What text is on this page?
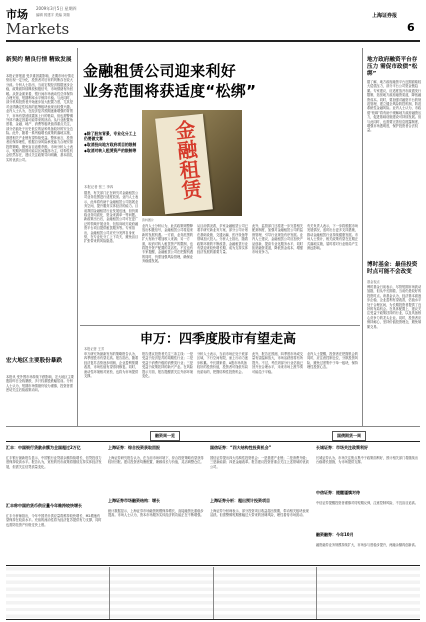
市场
Markets
2009年3月5日 星期四
编辑 郭建宇 美编 刘瑞	上海证券报
6
新契约 精良行情 精致发展
本报记者报道 受多重因素影响，近期市场行情走势出现一定分化，投资者对后市的判断存在较大分歧。分析人士指出，当前宏观经济数据逐步企稳，政策面持续释放积极信号，市场情绪有所回暖。从资金面来看，银行间市场流动性总体保持合理充裕，短期利率水平保持平稳。与此同时，部分机构投资者开始逐步加大配置力度，尤其是对业绩确定性较高的蓝筹板块表现出较强兴趣。业内人士认为，在经济复苏预期逐渐增强的背景下，市场有望延续震荡上行的格局，但也需警惕外部不确定因素可能带来的扰动。从行业配置角度看，金融、地产、消费等板块值得重点关注，部分估值处于历史低位的品种具备较好的安全边际。此外，随着一系列稳增长政策的落地实施，基建相关产业链有望持续受益。整体而言，投资者应保持理性，根据自身风险承受能力合理安排投资策略，避免盲目追涨杀跌。市场分析人士表示，短期内指数可能以区间震荡为主，结构性机会依然存在，建议关注政策导向明确、基本面扎实的优质公司。
宏大地区主要股份暴跌
本报讯 受外围市场持续下跌影响，宏大地区主要股指昨日全线暴跌，多只权重股跌幅居前。分析人士认为，短期市场情绪仍较为谨慎，投资者需密切关注后续政策动向。
金融租赁公司迎来利好
业务范围将获适度“松绑”
◆除了股东背景，专业化分工上仍要做文章
◆取消投向地方政府项目的限制
◆取消对转入租赁资产的限制等
本报记者 张三 李四
据悉，有关部门正在研究对金融租赁公司业务范围进行适度放宽。业内人士表示，此举将有助于金融租赁公司拓展业务空间，提升服务实体经济的能力。目前我国金融租赁行业发展迅速，但仍面临业务同质化、资金来源单一等问题。新政策出台后，金融租赁公司可在更广泛的领域开展业务，包括向地方政府融资平台项目提供租赁服务等。专家指出，金融租赁公司应充分发挥自身优势，在专业化分工上下功夫，避免盲目扩张带来的风险隐患。
金融租赁
资料图片
业内人士分析认为，此次政策调整释放出积极信号，金融租赁公司将迎来新的发展机遇。一方面，业务范围的扩大有助于增加收入来源；另一方面，取消对转入租赁资产的限制，也将提升资产配置的灵活性。不过也有专家提醒，金融租赁公司在把握机遇的同时，仍需加强风险管理，确保业务稳健发展。
从目前情况看，多家金融租赁公司已着手研究新业务方案，部分公司计划在基础设施、交通运输、医疗设备等领域加大投入。分析人士指出，随着政策环境的不断改善，金融租赁行业有望迎来较快增长期，成为支持实体经济发展的重要力量。
此外，监管部门还将进一步完善相关配套制度，加强对金融租赁公司的监督管理，引导行业规范有序发展。业内人士建议，金融租赁公司应加快产品创新，提高专业化服务水平，同时拓宽融资渠道，降低资金成本，增强市场竞争力。
有关负责人表示，下一步将根据市场发展情况，适时出台更多支持措施，推动金融租赁行业持续健康发展。市场人士预计，相关政策有望在近期正式落地实施，届时将对行业格局产生深远影响。
地方政府融资平台存压力 需促市政债“松绑”
据了解，地方政府融资平台近期面临较大偿债压力，部分平台公司资金链趋紧。专家建议，应适度放开市政债发行限制，拓宽地方政府融资渠道，降低融资成本。同时，要加强对融资平台的规范管理，建立健全风险防控机制，防范系统性金融风险。业内人士认为，市政债“松绑”将有助于缓解地方政府融资压力，促进基础设施建设可持续发展。但与此同时，也需要完善信息披露制度，增强市场透明度，保护投资者合法权益。
博时基金：最佳投资时点可能不会改变
基金视点
博时基金日前表示，尽管短期市场波动加剧，但从中长期看，当前仍是较好的投资时点。该基金认为，经济基本面逐步企稳，企业盈利有望改善，估值水平处于合理区间，为长期投资者提供了良好的布局机会。在具体配置上，建议关注受益于政策扶持的行业，以及具备核心竞争力的龙头企业。同时，投资者应保持耐心，坚持价值投资理念，避免频繁交易。
申万：四季度股市有望走高
本报记者 王芳
申万研究所最新发布的策略报告认为，四季度股市有望走高。报告指出，随着经济复苏态势逐步明朗，企业盈利预期改善，市场估值有望得到修复。同时，流动性环境相对宽松，也将为市场提供支撑。
报告建议投资者关注三条主线：一是受益于经济复苏的周期性行业；二是受益于消费升级的消费类行业；三是受益于政策扶持的新兴产业。在风险提示方面，报告提醒需关注外部环境变化。
分析人士表示，当前市场正处于底部区域，下行空间有限，而上行动力逐步积累。中长期来看，A股市场具备较好的投资价值，投资者可逢低布局优质标的，把握结构性投资机会。
此外，报告还预测，四季度市场成交量有望温和放大，市场活跃度将有所提升。不过，考虑到部分行业估值已回升至合理水平，未来市场上涨节奏可能趋于平稳。
业内人士提醒，投资者在把握机会的同时，应注意控制仓位，分散投资风险，避免过度集中于单一板块，保持理性投资心态。
融资周一览	国债期货一周
汇丰：中国银行贷款余额为全国超过2万亿
汇丰银行最新报告显示，中国银行业贷款余额持续增长，信贷投放力度保持较高水平。报告认为，宽松的货币政策将继续支持实体经济发展，但需关注信贷质量变化。
汇丰称中国的货币供应量今年维持较快增长
汇丰分析师指出，今年中国货币供应量将维持较快增长，M2增速有望保持在较高水平。充裕的流动性将为经济复苏提供有力支撑，同时也需防范资产价格过快上涨。
上海证券：综合投资获取回报
上海证券研究报告认为，在当前市场环境下，综合投资策略有望获得较好回报。建议投资者均衡配置，兼顾成长与价值，灵活调整仓位。
上海证券市场融资结构：增长
统计数据显示，上海证券市场融资规模保持增长，直接融资比重稳步提高。市场人士认为，资本市场服务实体经济的功能正在不断增强。
国信证券：“四大结构性投资机会”
国信证券提出四大结构性投资机会：一是基建产业链；二是消费升级；三是新能源；四是金融改革。报告建议投资者重点关注上述领域的优质公司。
上海证券分析：超出预计投资项目
上海证券分析师表示，部分投资项目收益超出预期，带动相关板块表现活跃。但需警惕短期涨幅过大带来的回调风险，理性看待市场波动。
长城证券：市场关注政策利好
长城证券认为，市场关注焦点集中于政策面利好，预计相关部门将继续出台稳增长措施，为市场提供支撑。
中信证券：提醒谨慎对待
中信证券提醒投资者谨慎对待短期反弹，注意控制风险，不宜盲目追高。
融资融券：今年10月
融资融券业务规模持续扩大，市场参与度稳步提升，两融余额再创新高。
